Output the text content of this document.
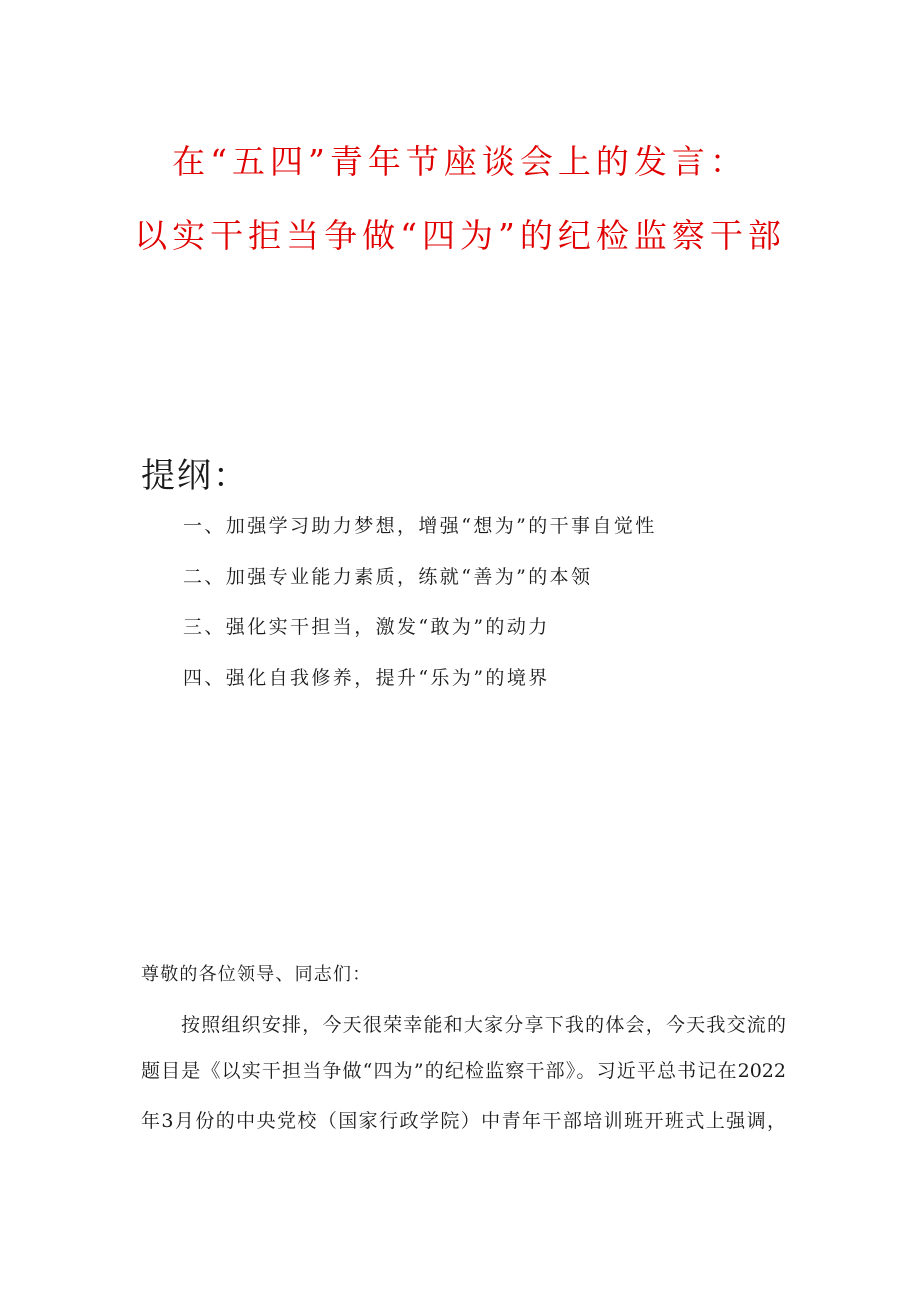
在“五四”青年节座谈会上的发言：
以实干拒当争做“四为”的纪检监察干部
提纲：
一、加强学习助力梦想，增强“想为”的干事自觉性
二、加强专业能力素质，练就“善为”的本领
三、强化实干担当，激发“敢为”的动力
四、强化自我修养，提升“乐为”的境界
尊敬的各位领导、同志们：
按照组织安排，今天很荣幸能和大家分享下我的体会，今天我交流的
题目是《以实干担当争做“四为”的纪检监察干部》。习近平总书记在2022
年3月份的中央党校（国家行政学院）中青年干部培训班开班式上强调，
